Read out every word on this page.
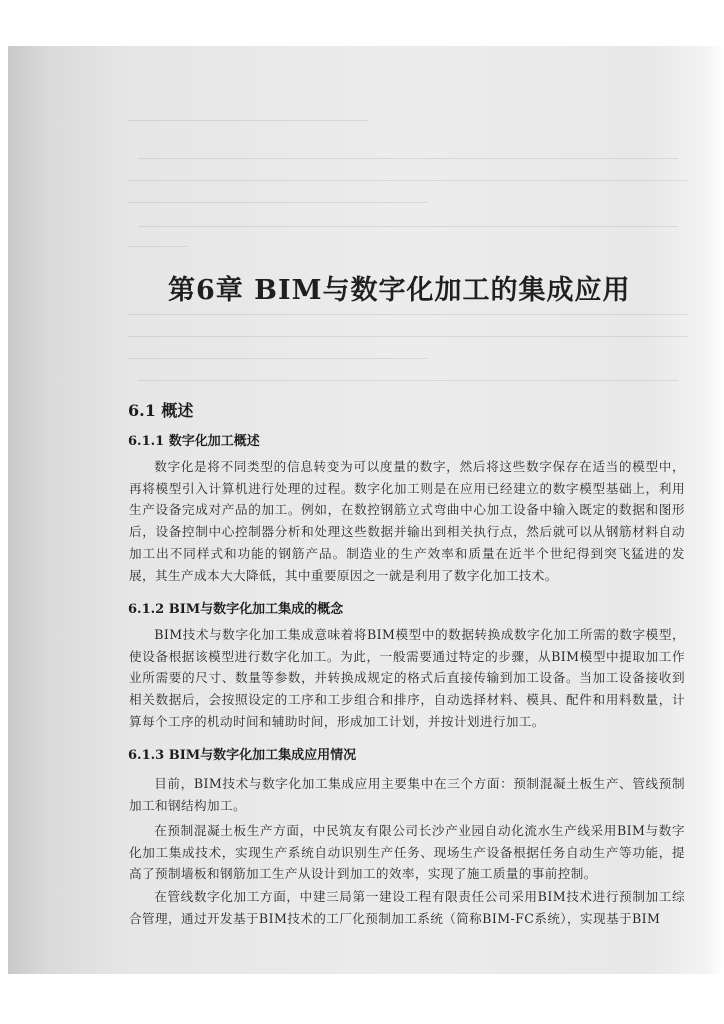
第6章 BIM与数字化加工的集成应用
6.1 概述
6.1.1 数字化加工概述

数字化是将不同类型的信息转变为可以度量的数字，然后将这些数字保存在适当的模型中，再将模型引入计算机进行处理的过程。数字化加工则是在应用已经建立的数字模型基础上，利用生产设备完成对产品的加工。例如，在数控钢筋立式弯曲中心加工设备中输入既定的数据和图形后，设备控制中心控制器分析和处理这些数据并输出到相关执行点，然后就可以从钢筋材料自动加工出不同样式和功能的钢筋产品。制造业的生产效率和质量在近半个世纪得到突飞猛进的发展，其生产成本大大降低，其中重要原因之一就是利用了数字化加工技术。

6.1.2 BIM与数字化加工集成的概念

BIM技术与数字化加工集成意味着将BIM模型中的数据转换成数字化加工所需的数字模型，使设备根据该模型进行数字化加工。为此，一般需要通过特定的步骤，从BIM模型中提取加工作业所需要的尺寸、数量等参数，并转换成规定的格式后直接传输到加工设备。当加工设备接收到相关数据后，会按照设定的工序和工步组合和排序，自动选择材料、模具、配件和用料数量，计算每个工序的机动时间和辅助时间，形成加工计划，并按计划进行加工。

6.1.3 BIM与数字化加工集成应用情况

目前，BIM技术与数字化加工集成应用主要集中在三个方面：预制混凝土板生产、管线预制加工和钢结构加工。

在预制混凝土板生产方面，中民筑友有限公司长沙产业园自动化流水生产线采用BIM与数字化加工集成技术，实现生产系统自动识别生产任务、现场生产设备根据任务自动生产等功能，提高了预制墙板和钢筋加工生产从设计到加工的效率，实现了施工质量的事前控制。

在管线数字化加工方面，中建三局第一建设工程有限责任公司采用BIM技术进行预制加工综合管理，通过开发基于BIM技术的工厂化预制加工系统（简称BIM-FC系统），实现基于BIM
